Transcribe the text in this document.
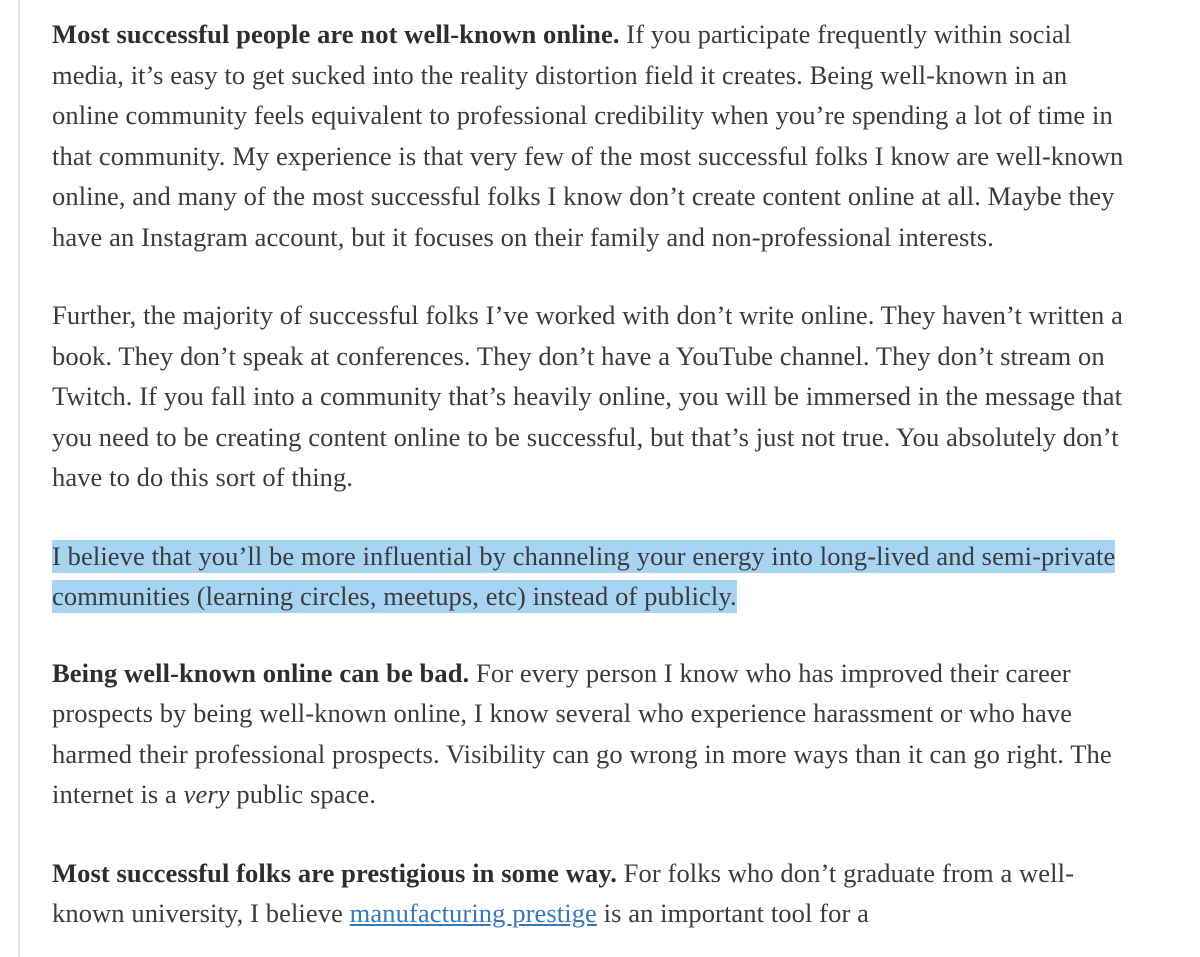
Most successful people are not well-known online. If you participate frequently within social media, it’s easy to get sucked into the reality distortion field it creates. Being well-known in an online community feels equivalent to professional credibility when you’re spending a lot of time in that community. My experience is that very few of the most successful folks I know are well-known online, and many of the most successful folks I know don’t create content online at all. Maybe they have an Instagram account, but it focuses on their family and non-professional interests.

Further, the majority of successful folks I’ve worked with don’t write online. They haven’t written a book. They don’t speak at conferences. They don’t have a YouTube channel. They don’t stream on Twitch. If you fall into a community that’s heavily online, you will be immersed in the message that you need to be creating content online to be successful, but that’s just not true. You absolutely don’t have to do this sort of thing.

I believe that you’ll be more influential by channeling your energy into long-lived and semi-private communities (learning circles, meetups, etc) instead of publicly.

Being well-known online can be bad. For every person I know who has improved their career prospects by being well-known online, I know several who experience harassment or who have harmed their professional prospects. Visibility can go wrong in more ways than it can go right. The internet is a very public space.

Most successful folks are prestigious in some way. For folks who don’t graduate from a well-known university, I believe manufacturing prestige is an important tool for a
